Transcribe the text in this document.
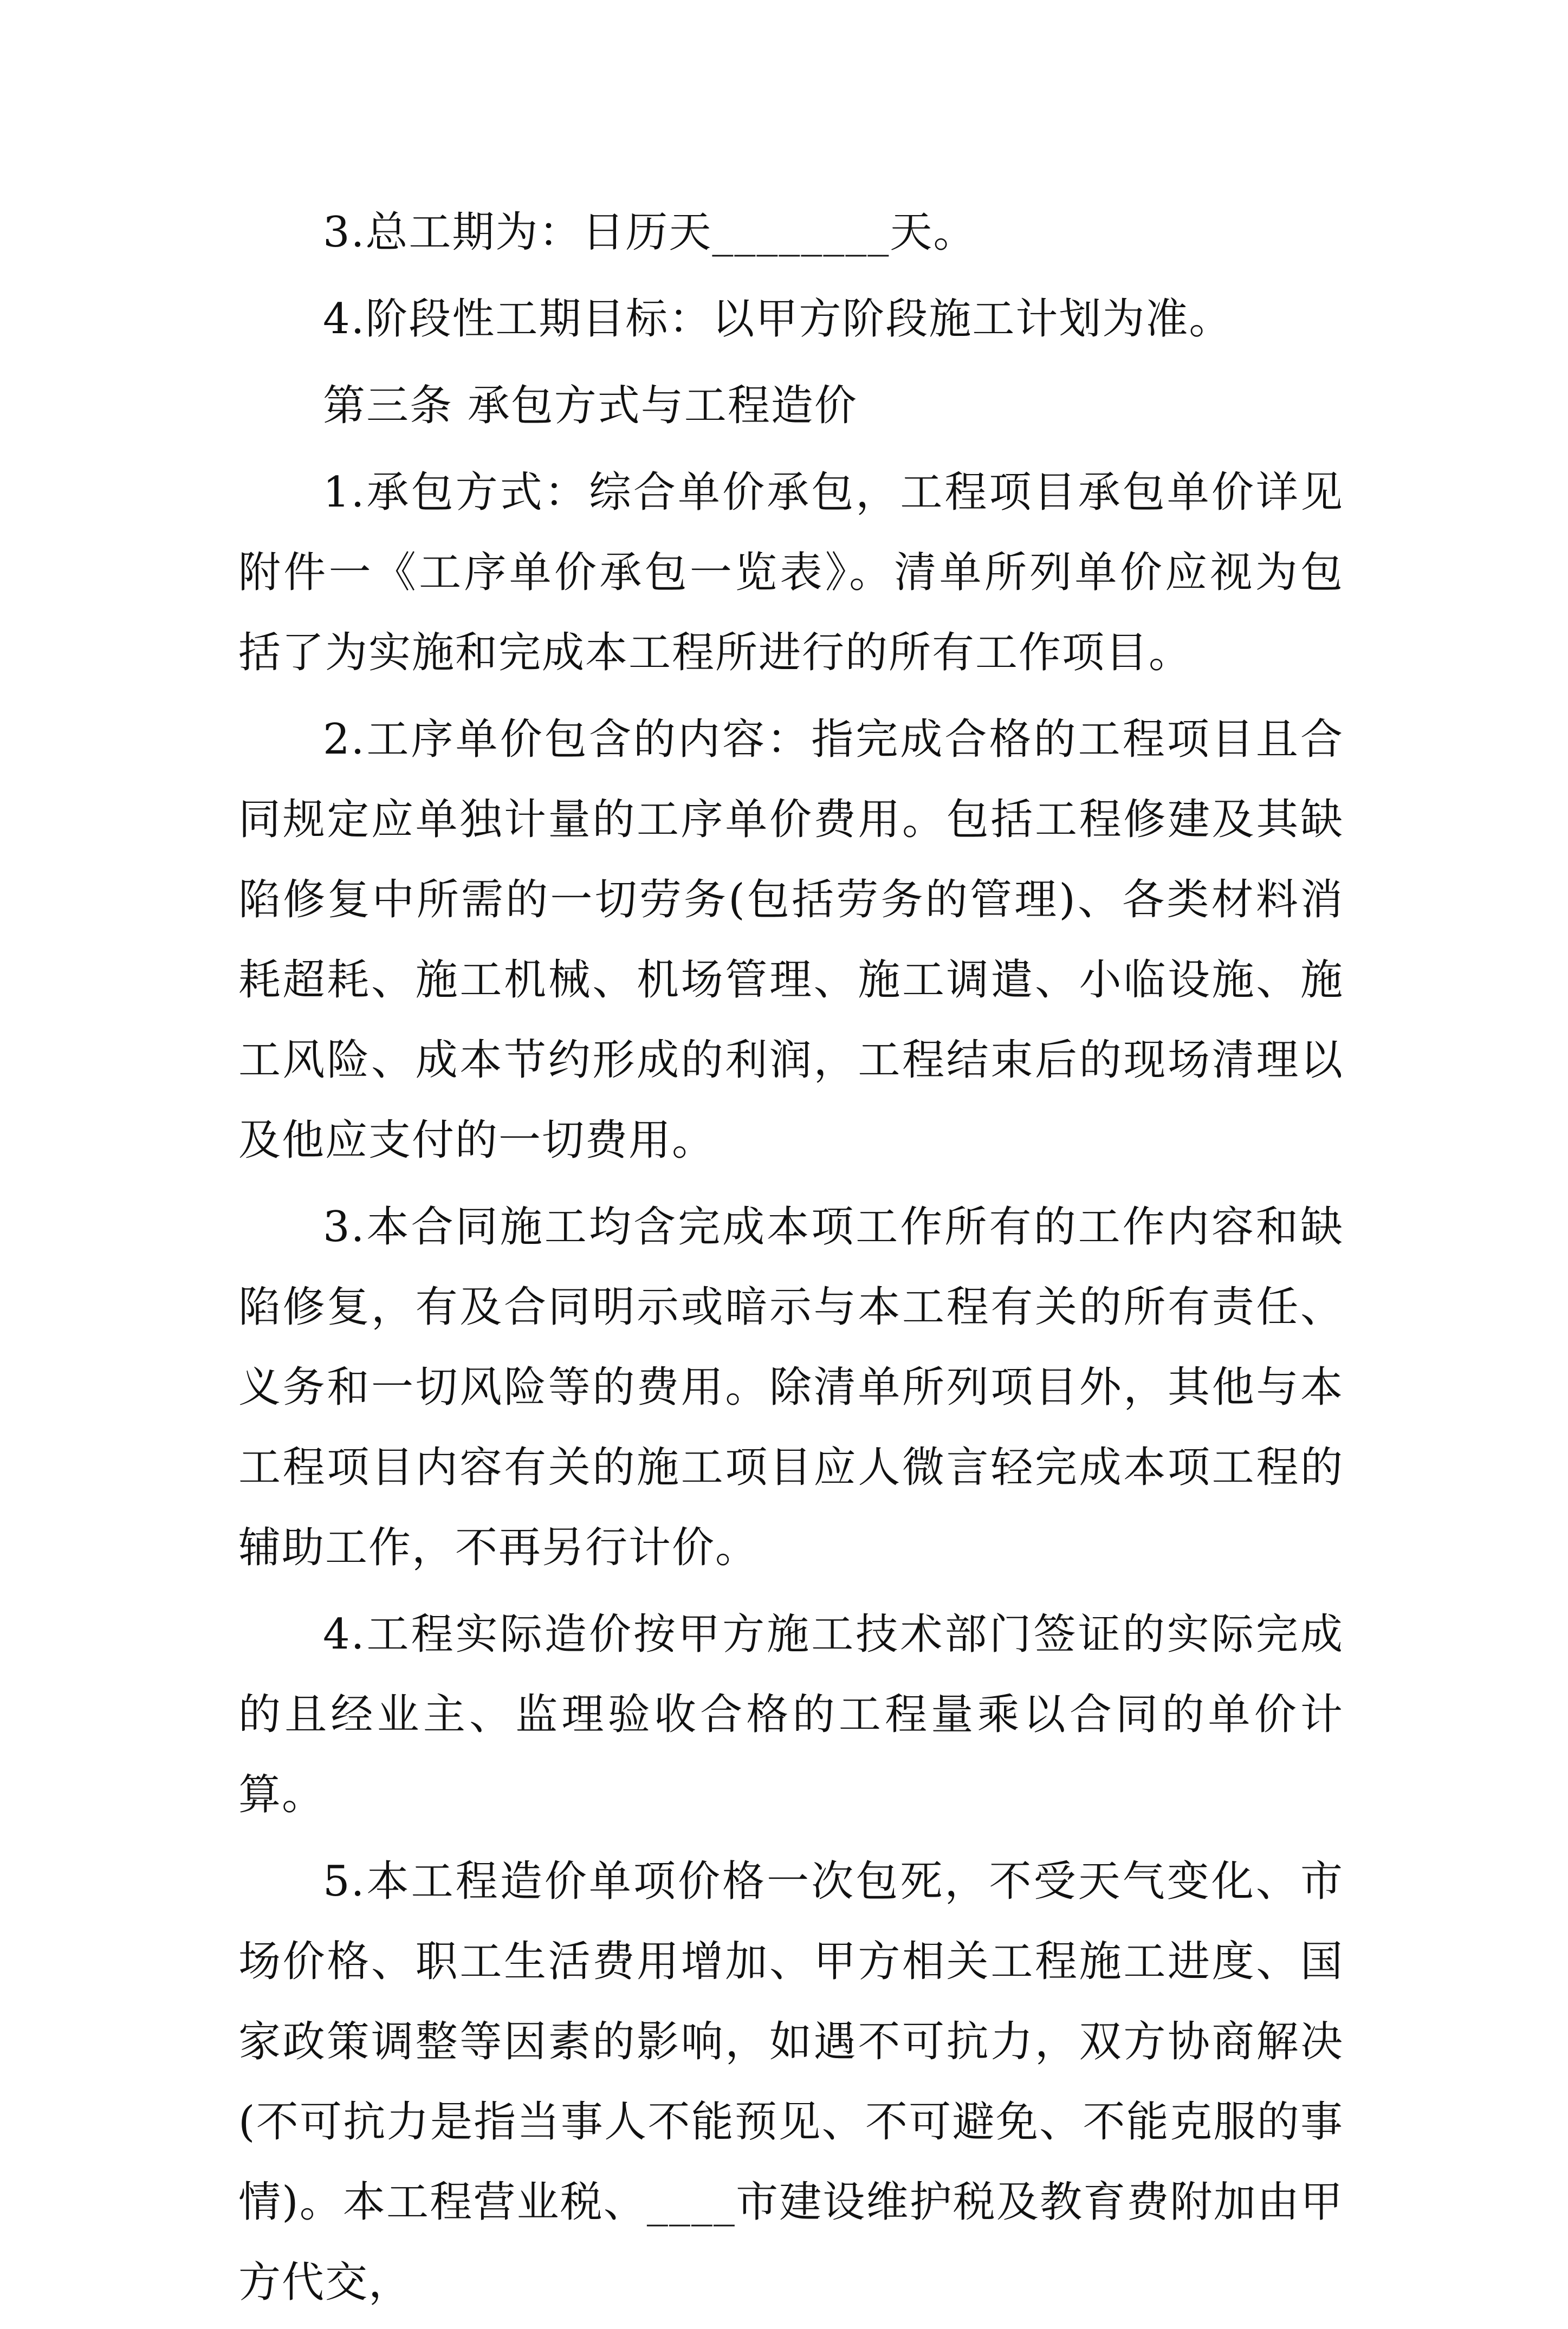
3.总工期为：日历天________天。

4.阶段性工期目标：以甲方阶段施工计划为准。

第三条 承包方式与工程造价

1.承包方式：综合单价承包，工程项目承包单价详见附件一《工序单价承包一览表》。清单所列单价应视为包括了为实施和完成本工程所进行的所有工作项目。

2.工序单价包含的内容：指完成合格的工程项目且合同规定应单独计量的工序单价费用。包括工程修建及其缺陷修复中所需的一切劳务(包括劳务的管理)、各类材料消耗超耗、施工机械、机场管理、施工调遣、小临设施、施工风险、成本节约形成的利润，工程结束后的现场清理以及他应支付的一切费用。

3.本合同施工均含完成本项工作所有的工作内容和缺陷修复，有及合同明示或暗示与本工程有关的所有责任、义务和一切风险等的费用。除清单所列项目外，其他与本工程项目内容有关的施工项目应人微言轻完成本项工程的辅助工作，不再另行计价。

4.工程实际造价按甲方施工技术部门签证的实际完成的且经业主、监理验收合格的工程量乘以合同的单价计算。

5.本工程造价单项价格一次包死，不受天气变化、市场价格、职工生活费用增加、甲方相关工程施工进度、国家政策调整等因素的影响，如遇不可抗力，双方协商解决(不可抗力是指当事人不能预见、不可避免、不能克服的事情)。本工程营业税、____市建设维护税及教育费附加由甲方代交，
